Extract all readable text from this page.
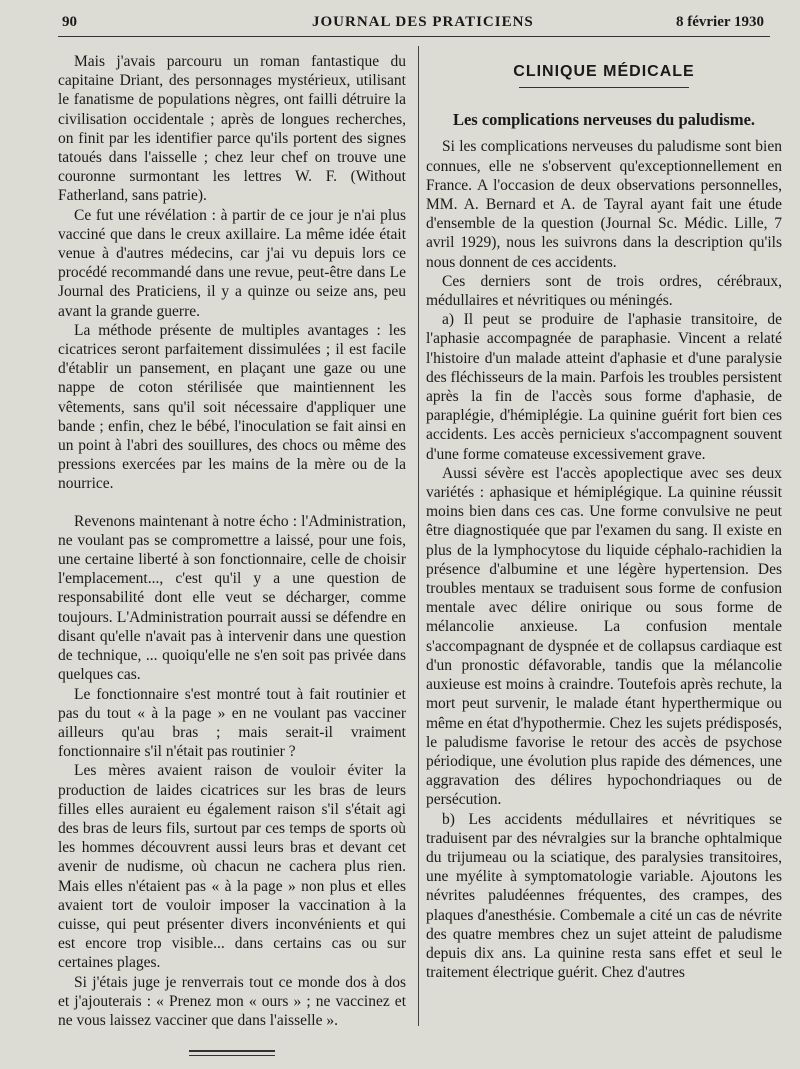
90	JOURNAL DES PRATICIENS	8 février 1930

Mais j'avais parcouru un roman fantastique du capitaine Driant, des personnages mystérieux, utilisant le fanatisme de populations nègres, ont failli détruire la civilisation occidentale ; après de longues recherches, on finit par les identifier parce qu'ils portent des signes tatoués dans l'aisselle ; chez leur chef on trouve une couronne surmontant les lettres W. F. (Without Fatherland, sans patrie).

Ce fut une révélation : à partir de ce jour je n'ai plus vacciné que dans le creux axillaire. La même idée était venue à d'autres médecins, car j'ai vu depuis lors ce procédé recommandé dans une revue, peut-être dans Le Journal des Praticiens, il y a quinze ou seize ans, peu avant la grande guerre.

La méthode présente de multiples avantages : les cicatrices seront parfaitement dissimulées ; il est facile d'établir un pansement, en plaçant une gaze ou une nappe de coton stérilisée que maintiennent les vêtements, sans qu'il soit nécessaire d'appliquer une bande ; enfin, chez le bébé, l'inoculation se fait ainsi en un point à l'abri des souillures, des chocs ou même des pressions exercées par les mains de la mère ou de la nourrice.

Revenons maintenant à notre écho : l'Administration, ne voulant pas se compromettre a laissé, pour une fois, une certaine liberté à son fonctionnaire, celle de choisir l'emplacement..., c'est qu'il y a une question de responsabilité dont elle veut se décharger, comme toujours. L'Administration pourrait aussi se défendre en disant qu'elle n'avait pas à intervenir dans une question de technique, ... quoiqu'elle ne s'en soit pas privée dans quelques cas.

Le fonctionnaire s'est montré tout à fait routinier et pas du tout « à la page » en ne voulant pas vacciner ailleurs qu'au bras ; mais serait-il vraiment fonctionnaire s'il n'était pas routinier ?

Les mères avaient raison de vouloir éviter la production de laides cicatrices sur les bras de leurs filles elles auraient eu également raison s'il s'était agi des bras de leurs fils, surtout par ces temps de sports où les hommes découvrent aussi leurs bras et devant cet avenir de nudisme, où chacun ne cachera plus rien. Mais elles n'étaient pas « à la page » non plus et elles avaient tort de vouloir imposer la vaccination à la cuisse, qui peut présenter divers inconvénients et qui est encore trop visible... dans certains cas ou sur certaines plages.

Si j'étais juge je renverrais tout ce monde dos à dos et j'ajouterais : « Prenez mon « ours » ; ne vaccinez et ne vous laissez vacciner que dans l'aisselle ».

CLINIQUE MÉDICALE
Les complications nerveuses du paludisme.

Si les complications nerveuses du paludisme sont bien connues, elle ne s'observent qu'exceptionnellement en France. A l'occasion de deux observations personnelles, MM. A. Bernard et A. de Tayral ayant fait une étude d'ensemble de la question (Journal Sc. Médic. Lille, 7 avril 1929), nous les suivrons dans la description qu'ils nous donnent de ces accidents.

Ces derniers sont de trois ordres, cérébraux, médullaires et névritiques ou méningés.

a) Il peut se produire de l'aphasie transitoire, de l'aphasie accompagnée de paraphasie. Vincent a relaté l'histoire d'un malade atteint d'aphasie et d'une paralysie des fléchisseurs de la main. Parfois les troubles persistent après la fin de l'accès sous forme d'aphasie, de paraplégie, d'hémiplégie. La quinine guérit fort bien ces accidents. Les accès pernicieux s'accompagnent souvent d'une forme comateuse excessivement grave.

Aussi sévère est l'accès apoplectique avec ses deux variétés : aphasique et hémiplégique. La quinine réussit moins bien dans ces cas. Une forme convulsive ne peut être diagnostiquée que par l'examen du sang. Il existe en plus de la lymphocytose du liquide céphalo-rachidien la présence d'albumine et une légère hypertension. Des troubles mentaux se traduisent sous forme de confusion mentale avec délire onirique ou sous forme de mélancolie anxieuse. La confusion mentale s'accompagnant de dyspnée et de collapsus cardiaque est d'un pronostic défavorable, tandis que la mélancolie auxieuse est moins à craindre. Toutefois après rechute, la mort peut survenir, le malade étant hyperthermique ou même en état d'hypothermie. Chez les sujets prédisposés, le paludisme favorise le retour des accès de psychose périodique, une évolution plus rapide des démences, une aggravation des délires hypochondriaques ou de persécution.

b) Les accidents médullaires et névritiques se traduisent par des névralgies sur la branche ophtalmique du trijumeau ou la sciatique, des paralysies transitoires, une myélite à symptomatologie variable. Ajoutons les névrites paludéennes fréquentes, des crampes, des plaques d'anesthésie. Combemale a cité un cas de névrite des quatre membres chez un sujet atteint de paludisme depuis dix ans. La quinine resta sans effet et seul le traitement électrique guérit. Chez d'autres
